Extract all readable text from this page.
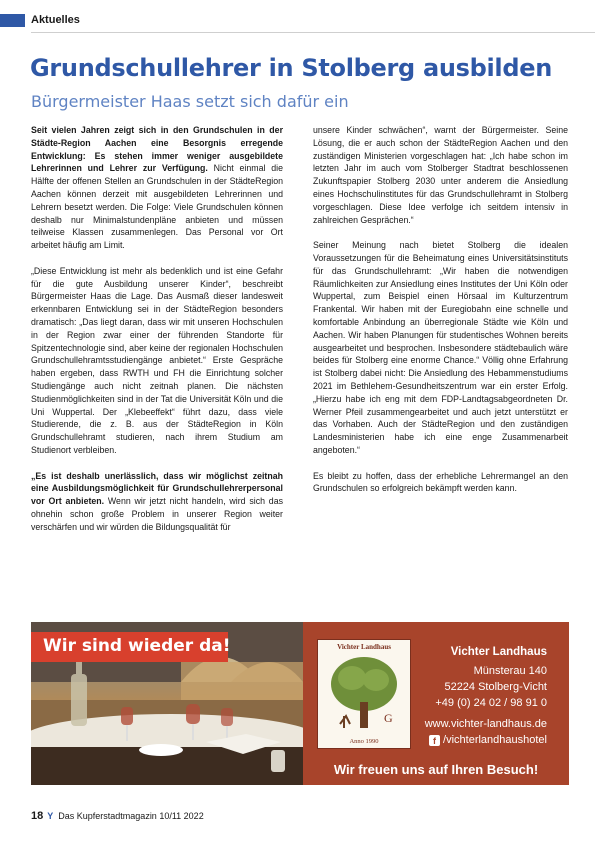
Aktuelles
Grundschullehrer in Stolberg ausbilden
Bürgermeister Haas setzt sich dafür ein

Seit vielen Jahren zeigt sich in den Grundschulen in der Städte-Region Aachen eine Besorgnis erregende Entwicklung: Es stehen immer weniger ausgebildete Lehrerinnen und Lehrer zur Verfügung. Nicht einmal die Hälfte der offenen Stellen an Grundschulen in der StädteRegion Aachen können derzeit mit ausgebildeten Lehrerinnen und Lehrern besetzt werden. Die Folge: Viele Grundschulen können deshalb nur Minimalstundenpläne anbieten und müssen teilweise Klassen zusammenlegen. Das Personal vor Ort arbeitet häufig am Limit.

„Diese Entwicklung ist mehr als bedenklich und ist eine Gefahr für die gute Ausbildung unserer Kinder“, beschreibt Bürgermeister Haas die Lage. Das Ausmaß dieser landesweit erkennbaren Entwicklung sei in der StädteRegion besonders dramatisch: „Das liegt daran, dass wir mit unseren Hochschulen in der Region zwar einer der führenden Standorte für Spitzentechnologie sind, aber keine der regionalen Hochschulen Grundschullehramtsstudiengänge anbietet.“ Erste Gespräche haben ergeben, dass RWTH und FH die Einrichtung solcher Studiengänge auch nicht zeitnah planen. Die nächsten Studienmöglichkeiten sind in der Tat die Universität Köln und die Uni Wuppertal. Der „Klebeeffekt“ führt dazu, dass viele Studierende, die z. B. aus der StädteRegion in Köln Grundschullehramt studieren, nach ihrem Studium am Studienort verbleiben.

„Es ist deshalb unerlässlich, dass wir möglichst zeitnah eine Ausbildungsmöglichkeit für Grundschullehrerpersonal vor Ort anbieten. Wenn wir jetzt nicht handeln, wird sich das ohnehin schon große Problem in unserer Region weiter verschärfen und wir würden die Bildungsqualität für

unsere Kinder schwächen“, warnt der Bürgermeister. Seine Lösung, die er auch schon der StädteRegion Aachen und den zuständigen Ministerien vorgeschlagen hat: „Ich habe schon im letzten Jahr im auch vom Stolberger Stadtrat beschlossenen Zukunftspapier Stolberg 2030 unter anderem die Ansiedlung eines Hochschulinstitutes für das Grundschullehramt in Stolberg vorgeschlagen. Diese Idee verfolge ich seitdem intensiv in zahlreichen Gesprächen.“

Seiner Meinung nach bietet Stolberg die idealen Voraussetzungen für die Beheimatung eines Universitätsinstituts für das Grundschullehramt: „Wir haben die notwendigen Räumlichkeiten zur Ansiedlung eines Institutes der Uni Köln oder Wuppertal, zum Beispiel einen Hörsaal im Kulturzentrum Frankental. Wir haben mit der Euregiobahn eine schnelle und komfortable Anbindung an überregionale Städte wie Köln und Aachen. Wir haben Planungen für studentisches Wohnen bereits ausgearbeitet und besprochen. Insbesondere städtebaulich wäre beides für Stolberg eine enorme Chance.“ Völlig ohne Erfahrung ist Stolberg dabei nicht: Die Ansiedlung des Hebammenstudiums 2021 im Bethlehem-Gesundheitszentrum war ein erster Erfolg. „Hierzu habe ich eng mit dem FDP-Landtagsabgeordneten Dr. Werner Pfeil zusammengearbeitet und auch jetzt unterstützt er das Vorhaben. Auch der StädteRegion und den zuständigen Landesministerien habe ich eine enge Zusammenarbeit angeboten.“

Es bleibt zu hoffen, dass der erhebliche Lehrermangel an den Grundschulen so erfolgreich bekämpft werden kann.

Wir sind wieder da!	Vichter Landhaus
G
Anno 1990
Vichter Landhaus
Münsterau 140
52224 Stolberg-Vicht
+49 (0) 24 02 / 98 91 0
www.vichter-landhaus.de
f /vichterlandhaushotel
Wir freuen uns auf Ihren Besuch!
18 Y Das Kupferstadtmagazin 10/11 2022
